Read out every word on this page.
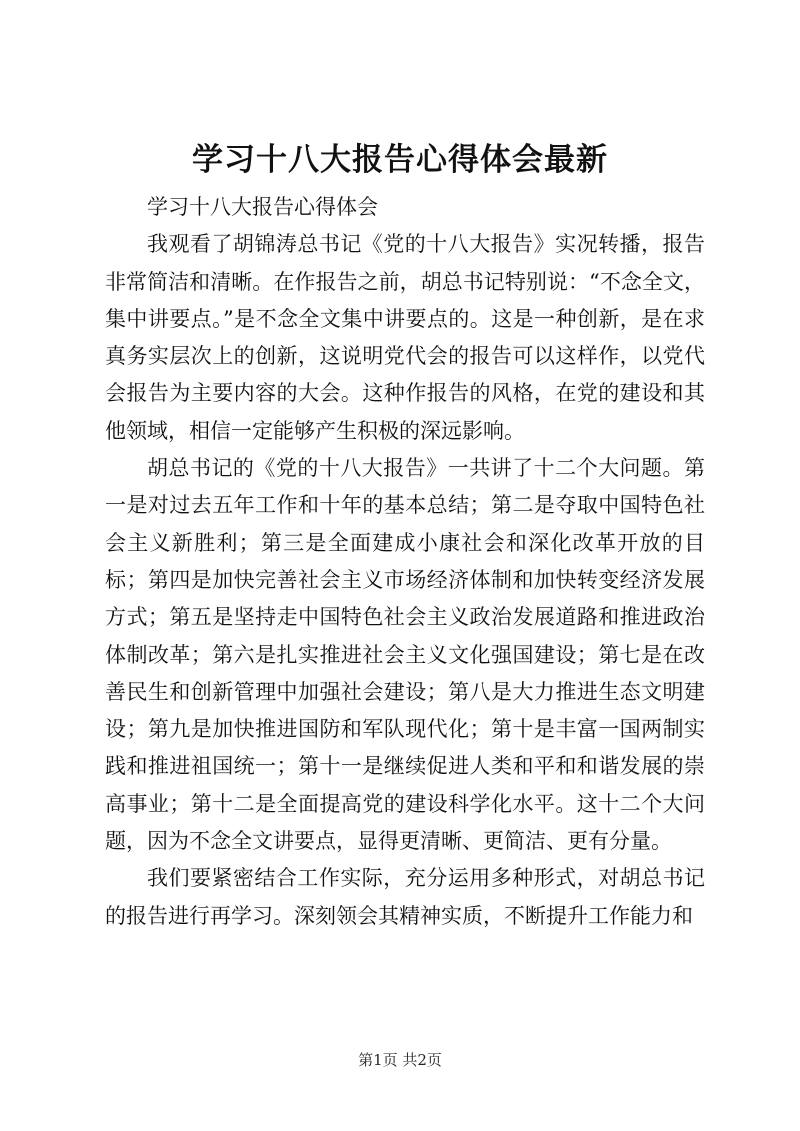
学习十八大报告心得体会最新

学习十八大报告心得体会

我观看了胡锦涛总书记《党的十八大报告》实况转播，报告非常简洁和清晰。在作报告之前，胡总书记特别说：“不念全文，集中讲要点。”是不念全文集中讲要点的。这是一种创新，是在求真务实层次上的创新，这说明党代会的报告可以这样作，以党代会报告为主要内容的大会。这种作报告的风格，在党的建设和其他领域，相信一定能够产生积极的深远影响。

胡总书记的《党的十八大报告》一共讲了十二个大问题。第一是对过去五年工作和十年的基本总结；第二是夺取中国特色社会主义新胜利；第三是全面建成小康社会和深化改革开放的目标；第四是加快完善社会主义市场经济体制和加快转变经济发展方式；第五是坚持走中国特色社会主义政治发展道路和推进政治体制改革；第六是扎实推进社会主义文化强国建设；第七是在改善民生和创新管理中加强社会建设；第八是大力推进生态文明建设；第九是加快推进国防和军队现代化；第十是丰富一国两制实践和推进祖国统一；第十一是继续促进人类和平和和谐发展的崇高事业；第十二是全面提高党的建设科学化水平。这十二个大问题，因为不念全文讲要点，显得更清晰、更简洁、更有分量。

我们要紧密结合工作实际，充分运用多种形式，对胡总书记的报告进行再学习。深刻领会其精神实质，不断提升工作能力和

第1页 共2页
